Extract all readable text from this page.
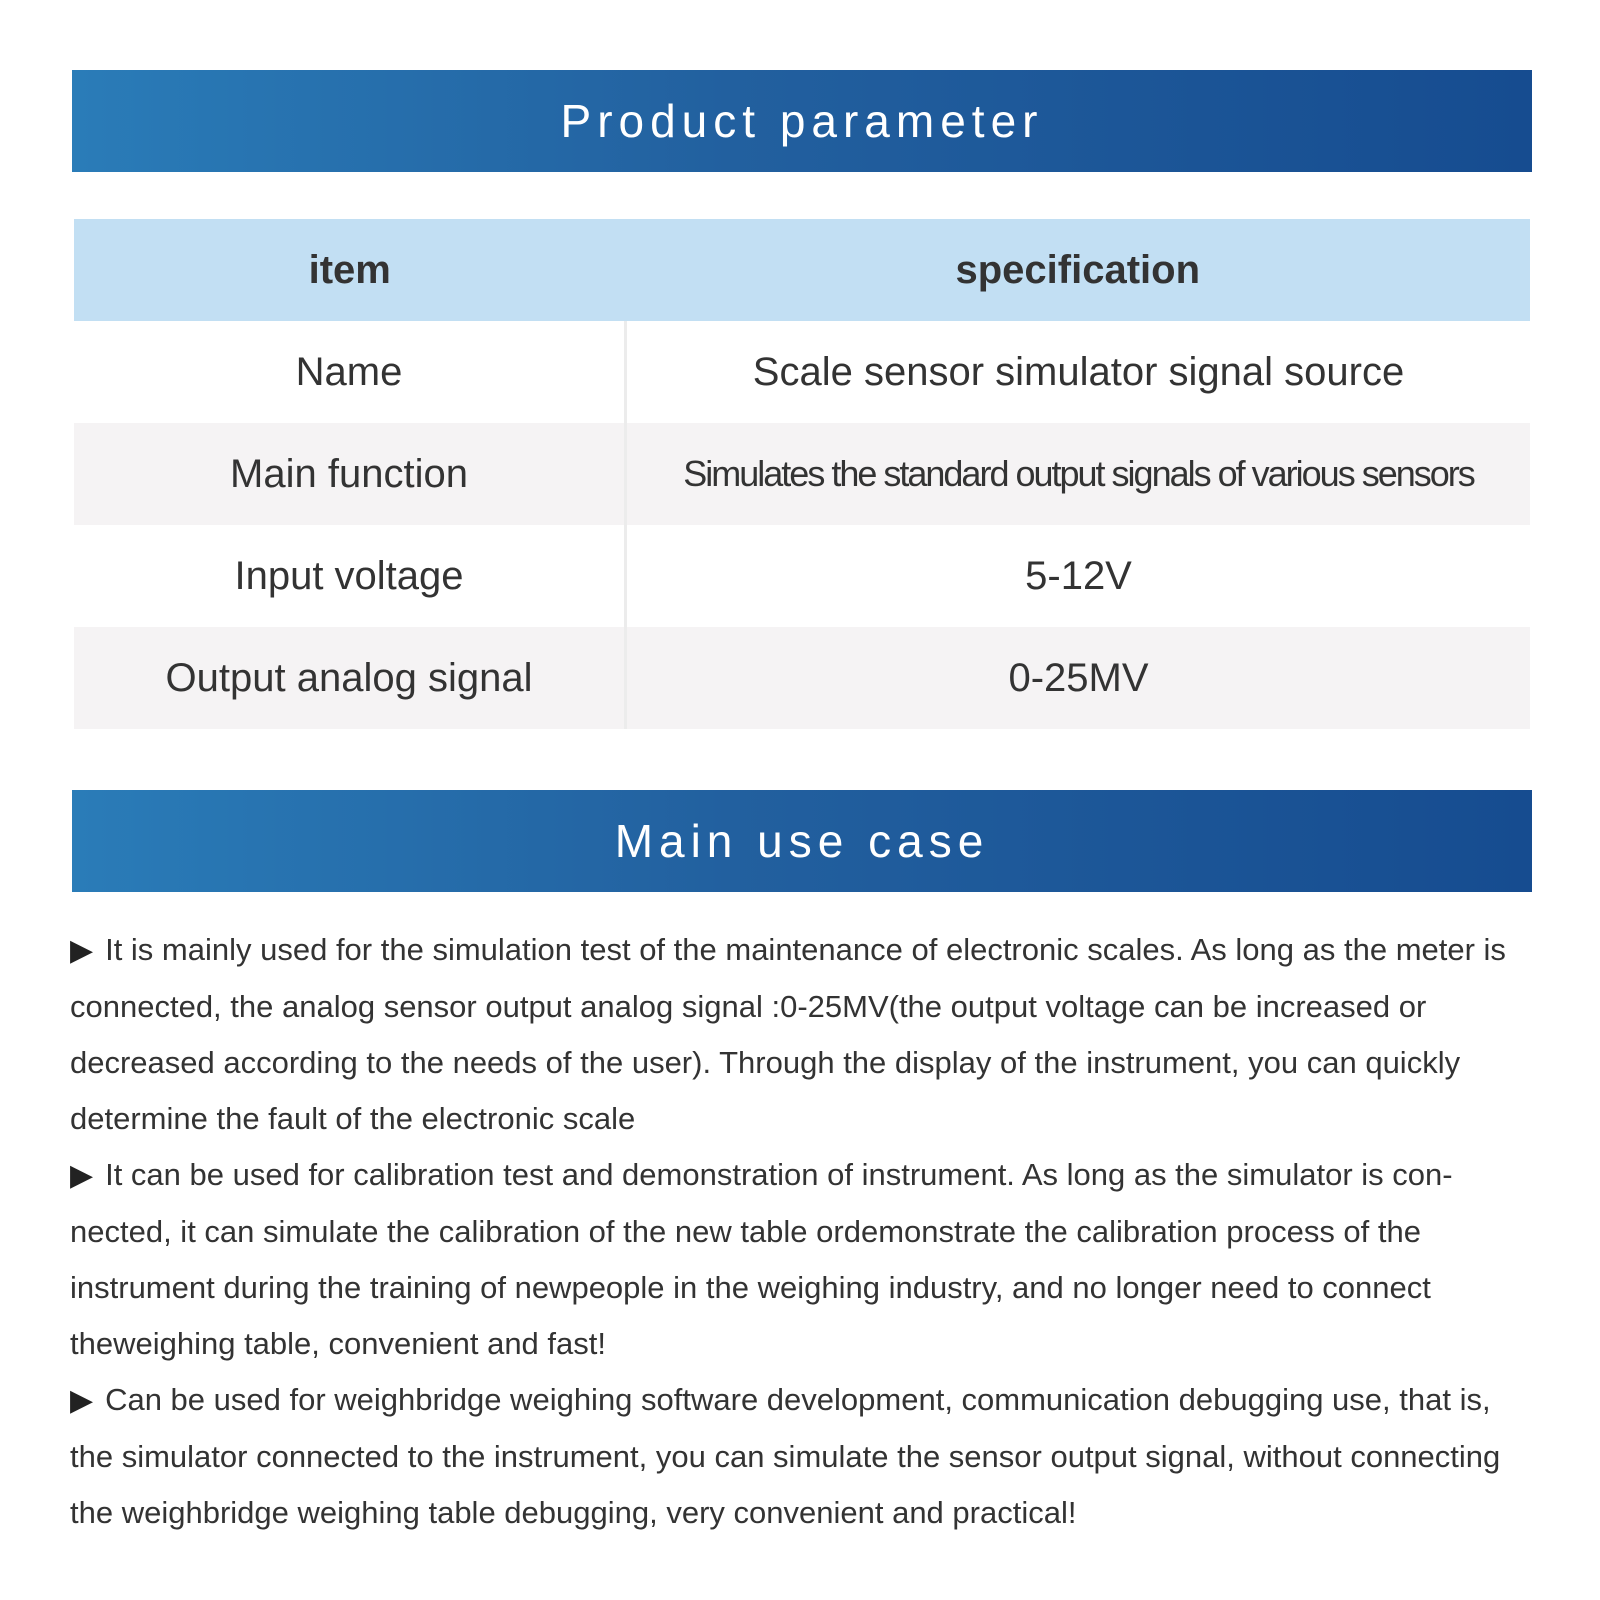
Product parameter
item	specification
Name	Scale sensor simulator signal source
Main function	Simulates the standard output signals of various sensors
Input voltage	5-12V
Output analog signal	0-25MV
Main use case

▶ It is mainly used for the simulation test of the maintenance of electronic scales. As long as the meter is connected, the analog sensor output analog signal :0-25MV(the output voltage can be increased or decreased according to the needs of the user). Through the display of the instrument, you can quickly determine the fault of the electronic scale

▶ It can be used for calibration test and demonstration of instrument. As long as the simulator is con-nected, it can simulate the calibration of the new table ordemonstrate the calibration process of the instrument during the training of newpeople in the weighing industry, and no longer need to connect theweighing table, convenient and fast!

▶ Can be used for weighbridge weighing software development, communication debugging use, that is, the simulator connected to the instrument, you can simulate the sensor output signal, without connecting the weighbridge weighing table debugging, very convenient and practical!
